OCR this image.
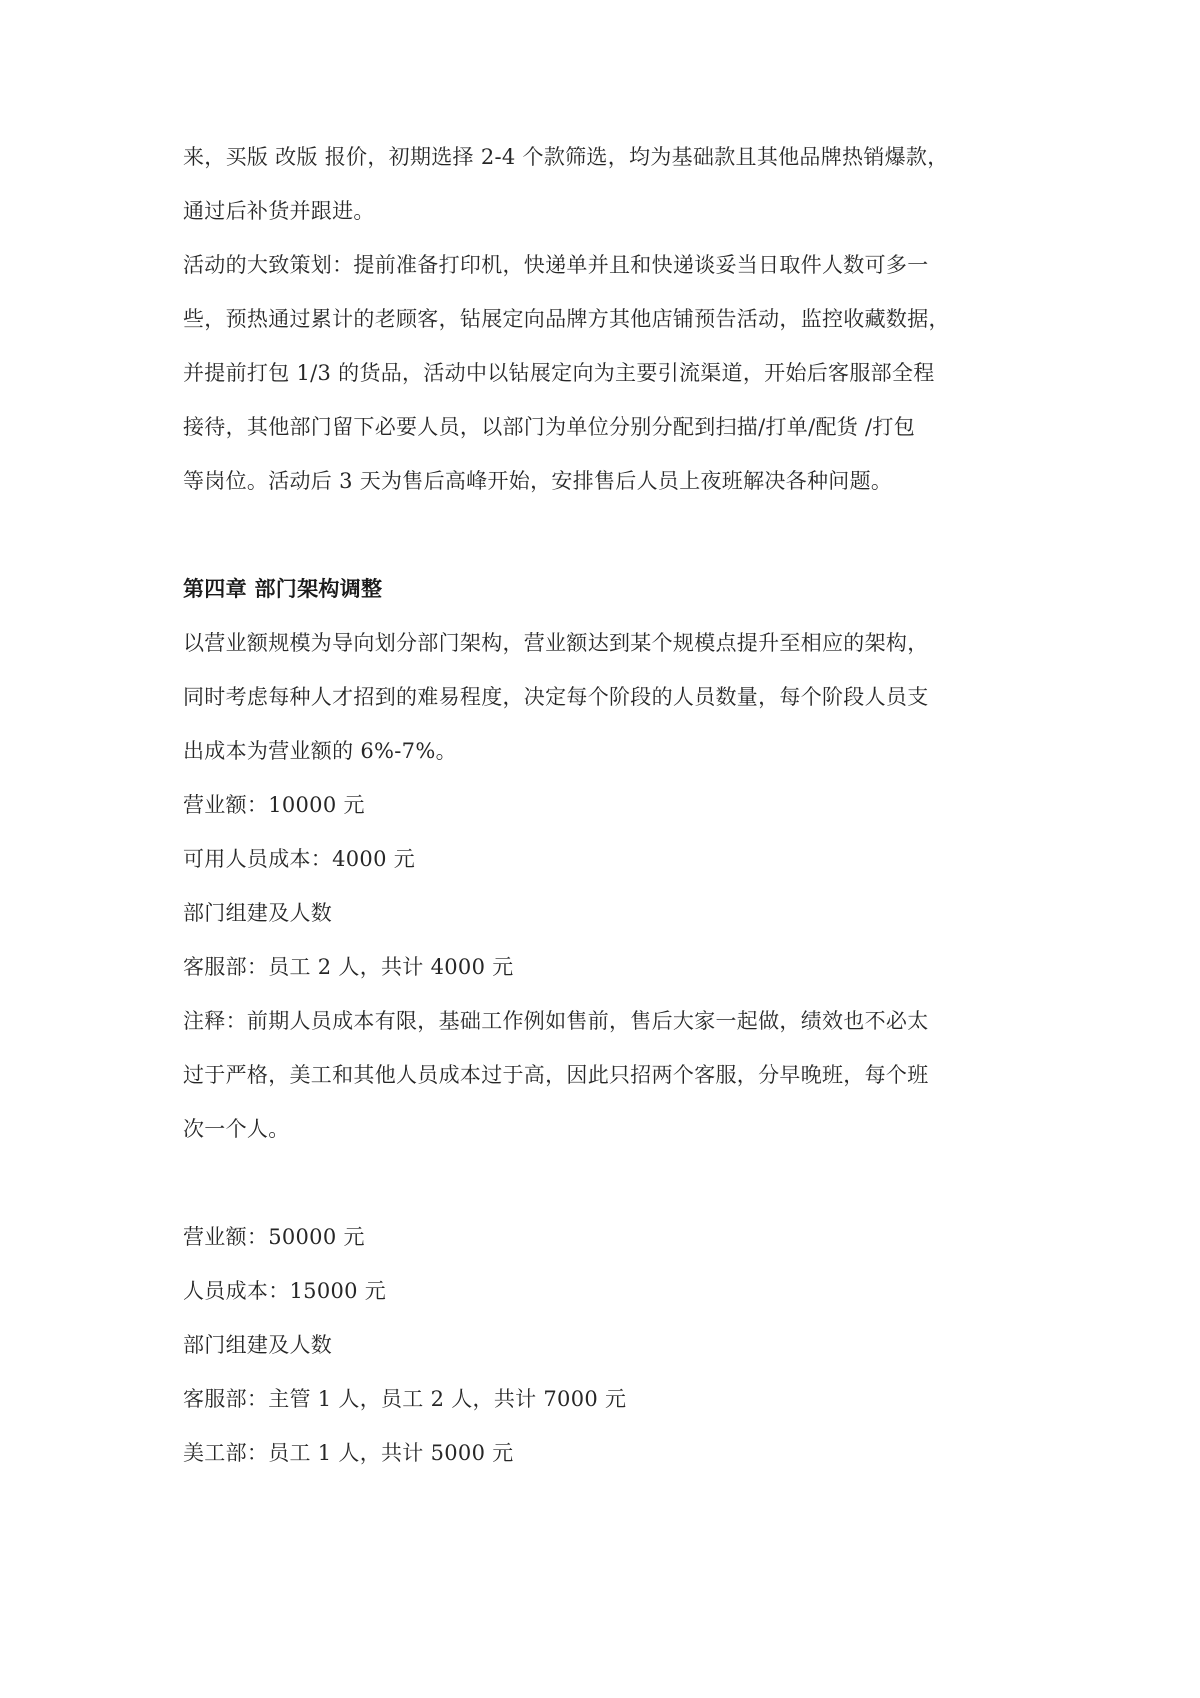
来，买版 改版 报价，初期选择 2-4 个款筛选，均为基础款且其他品牌热销爆款，
通过后补货并跟进。
活动的大致策划：提前准备打印机，快递单并且和快递谈妥当日取件人数可多一
些，预热通过累计的老顾客，钻展定向品牌方其他店铺预告活动，监控收藏数据，
并提前打包 1/3 的货品，活动中以钻展定向为主要引流渠道，开始后客服部全程
接待，其他部门留下必要人员，以部门为单位分别分配到扫描/打单/配货 /打包
等岗位。活动后 3 天为售后高峰开始，安排售后人员上夜班解决各种问题。
第四章 部门架构调整
以营业额规模为导向划分部门架构，营业额达到某个规模点提升至相应的架构，
同时考虑每种人才招到的难易程度，决定每个阶段的人员数量，每个阶段人员支
出成本为营业额的 6%-7%。
营业额：10000 元
可用人员成本：4000 元
部门组建及人数
客服部：员工 2 人，共计 4000 元
注释：前期人员成本有限，基础工作例如售前，售后大家一起做，绩效也不必太
过于严格，美工和其他人员成本过于高，因此只招两个客服，分早晚班，每个班
次一个人。
营业额：50000 元
人员成本：15000 元
部门组建及人数
客服部：主管 1 人，员工 2 人，共计 7000 元
美工部：员工 1 人，共计 5000 元
